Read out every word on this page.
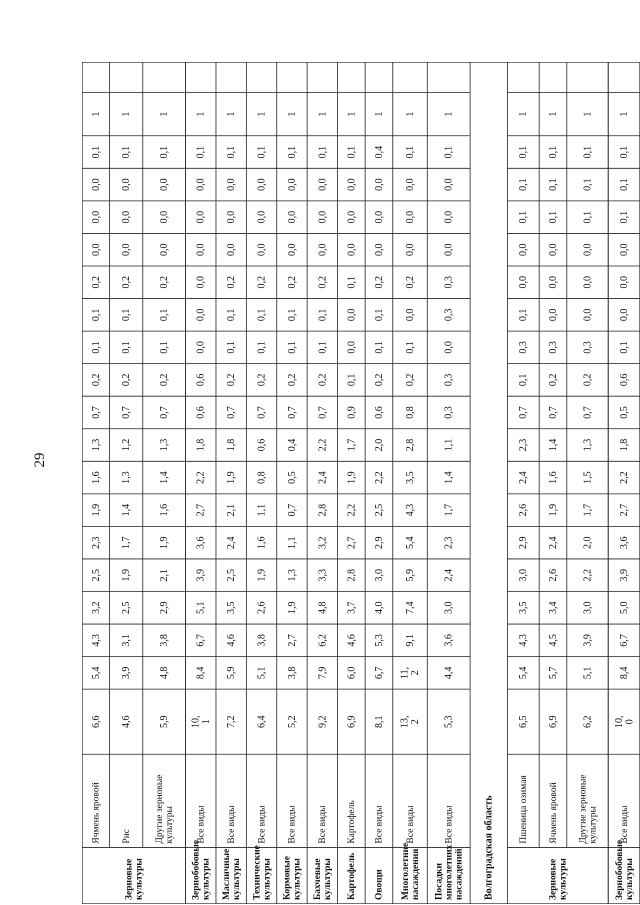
29
Зерновыекультуры
Ячмень яровой
6,6
5,4
4,3
3,2
2,5
2,3
1,9
1,6
1,3
0,7
0,2
0,1
0,1
0,2
0,0
0,0
0,0
0,1
1
Рис
4,6
3,9
3,1
2,5
1,9
1,7
1,4
1,3
1,2
0,7
0,2
0,1
0,1
0,2
0,0
0,0
0,0
0,1
1
Другие зерновыекультуры
5,9
4,8
3,8
2,9
2,1
1,9
1,6
1,4
1,3
0,7
0,2
0,1
0,1
0,2
0,0
0,0
0,0
0,1
1
Зернобобовыекультуры
Все виды
10,1
8,4
6,7
5,1
3,9
3,6
2,7
2,2
1,8
0,6
0,6
0,0
0,0
0,0
0,0
0,0
0,0
0,1
1
Масличныекультуры
Все виды
7,2
5,9
4,6
3,5
2,5
2,4
2,1
1,9
1,8
0,7
0,2
0,1
0,1
0,2
0,0
0,0
0,0
0,1
1
Техническиекультуры
Все виды
6,4
5,1
3,8
2,6
1,9
1,6
1,1
0,8
0,6
0,7
0,2
0,1
0,1
0,2
0,0
0,0
0,0
0,1
1
Кормовыекультуры
Все виды
5,2
3,8
2,7
1,9
1,3
1,1
0,7
0,5
0,4
0,7
0,2
0,1
0,1
0,2
0,0
0,0
0,0
0,1
1
Бахчевыекультуры
Все виды
9,2
7,9
6,2
4,8
3,3
3,2
2,8
2,4
2,2
0,7
0,2
0,1
0,1
0,2
0,0
0,0
0,0
0,1
1
Картофель
Картофель
6,9
6,0
4,6
3,7
2,8
2,7
2,2
1,9
1,7
0,9
0,1
0,0
0,0
0,1
0,0
0,0
0,0
0,1
1
Овощи
Все виды
8,1
6,7
5,3
4,0
3,0
2,9
2,5
2,2
2,0
0,6
0,2
0,1
0,1
0,2
0,0
0,0
0,0
0,4
1
Многолетниенасаждения
Все виды
13,2
11,2
9,1
7,4
5,9
5,4
4,3
3,5
2,8
0,8
0,2
0,1
0,0
0,2
0,0
0,0
0,0
0,1
1
Посадкимноголетнихнасаждений
Все виды
5,3
4,4
3,6
3,0
2,4
2,3
1,7
1,4
1,1
0,3
0,3
0,0
0,3
0,3
0,0
0,0
0,0
0,1
1
Волгоградская область	Зерновыекультуры
Пшеница озимая
6,5
5,4
4,3
3,5
3,0
2,9
2,6
2,4
2,3
0,7
0,1
0,3
0,1
0,0
0,0
0,1
0,1
0,1
1
Ячмень яровой
6,9
5,7
4,5
3,4
2,6
2,4
1,9
1,6
1,4
0,7
0,2
0,3
0,0
0,0
0,0
0,1
0,1
0,1
1
Другие зерновыекультуры
6,2
5,1
3,9
3,0
2,2
2,0
1,7
1,5
1,3
0,7
0,2
0,3
0,0
0,0
0,0
0,1
0,1
0,1
1
Зернобобовыекультуры
Все виды
10,0
8,4
6,7
5,0
3,9
3,6
2,7
2,2
1,8
0,5
0,6
0,1
0,0
0,0
0,0
0,1
0,1
0,1
1
